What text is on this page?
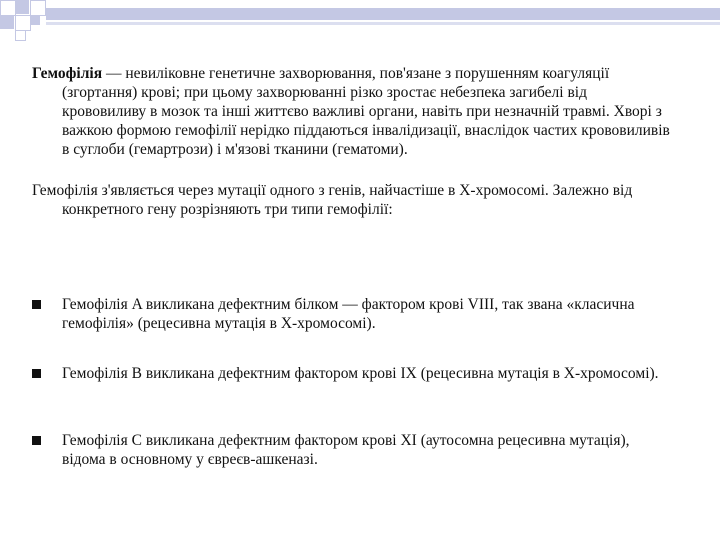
Гемофілія — невиліковне генетичне захворювання, пов'язане з порушенням коагуляції (згортання) крові; при цьому захворюванні різко зростає небезпека загибелі від крововиливу в мозок та інші життєво важливі органи, навіть при незначній травмі. Хворі з важкою формою гемофілії нерідко піддаються інвалідизації, внаслідок частих крововиливів в суглоби (гемартрози) і м'язові тканини (гематоми).

Гемофілія з'являється через мутації одного з генів, найчастіше в X-хромосомі. Залежно від конкретного гену розрізняють три типи гемофілії:

Гемофілія A викликана дефектним білком — фактором крові VIII, так звана «класична гемофілія» (рецесивна мутація в X-хромосомі).
Гемофілія B викликана дефектним фактором крові IX (рецесивна мутація в X-хромосомі).
Гемофілія C викликана дефектним фактором крові XI (аутосомна рецесивна мутація), відома в основному у євреєв-ашкеназі.
